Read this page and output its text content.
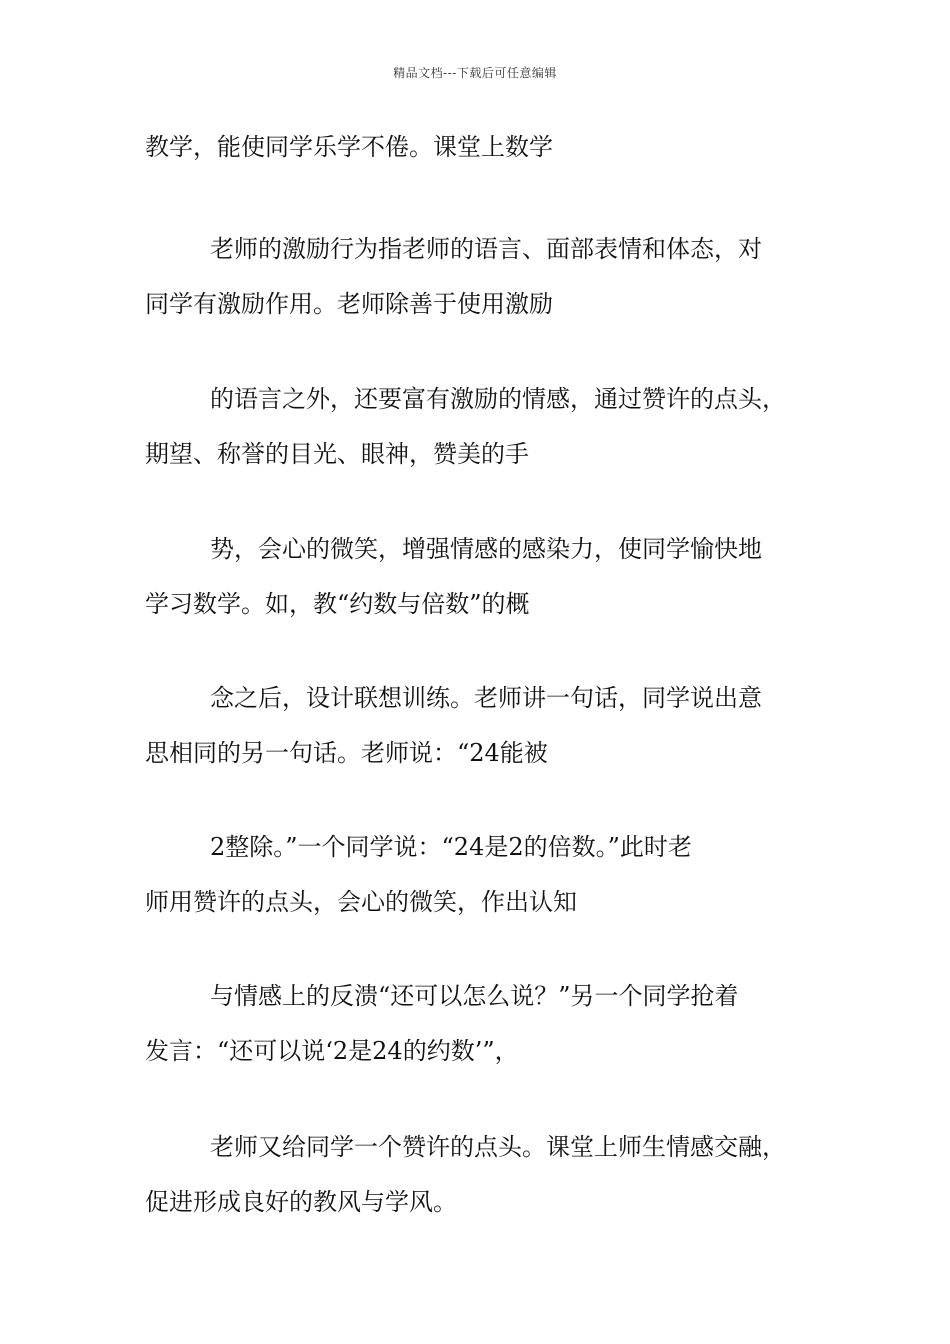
精品文档---下载后可任意编辑
教学，能使同学乐学不倦。课堂上数学
老师的激励行为指老师的语言、面部表情和体态，对
同学有激励作用。老师除善于使用激励
的语言之外，还要富有激励的情感，通过赞许的点头，
期望、称誉的目光、眼神，赞美的手
势，会心的微笑，增强情感的感染力，使同学愉快地
学习数学。如，教“约数与倍数”的概
念之后，设计联想训练。老师讲一句话，同学说出意
思相同的另一句话。老师说：“24能被
2整除。”一个同学说：“24是2的倍数。”此时老
师用赞许的点头，会心的微笑，作出认知
与情感上的反溃“还可以怎么说？”另一个同学抢着
发言：“还可以说‘2是24的约数’”，
老师又给同学一个赞许的点头。课堂上师生情感交融，
促进形成良好的教风与学风。
